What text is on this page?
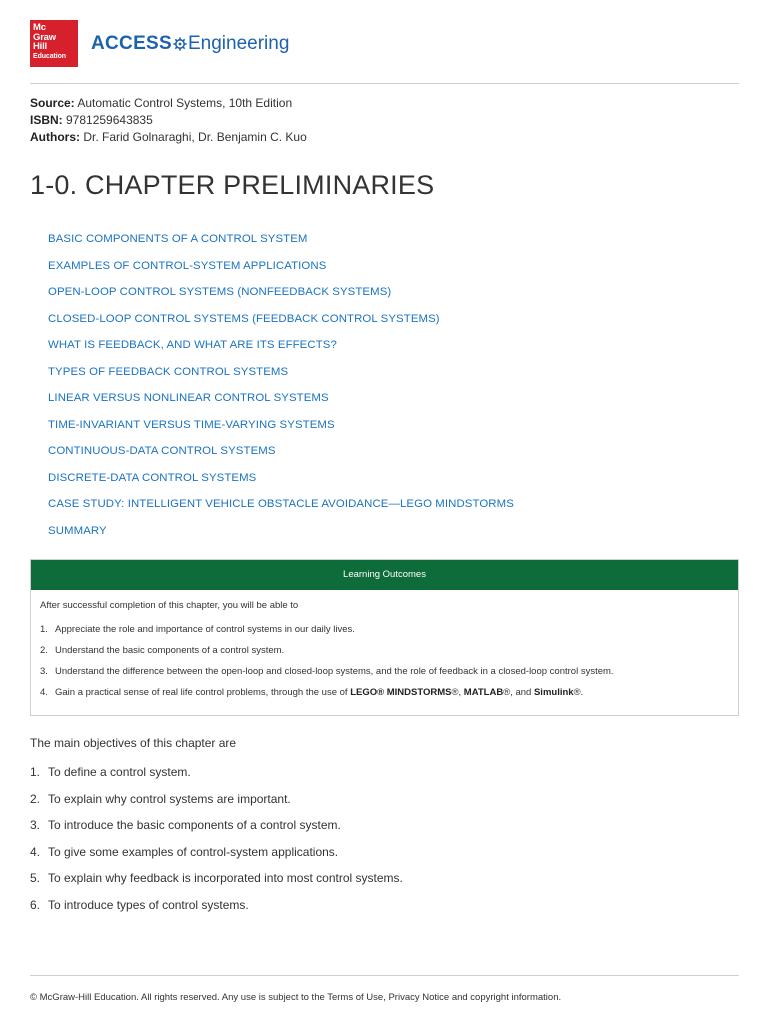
Mc
Graw
Hill
Education
ACCESS Engineering
Source: Automatic Control Systems, 10th Edition
ISBN: 9781259643835
Authors: Dr. Farid Golnaraghi, Dr. Benjamin C. Kuo
1-0. CHAPTER PRELIMINARIES
BASIC COMPONENTS OF A CONTROL SYSTEM
EXAMPLES OF CONTROL-SYSTEM APPLICATIONS
OPEN-LOOP CONTROL SYSTEMS (NONFEEDBACK SYSTEMS)
CLOSED-LOOP CONTROL SYSTEMS (FEEDBACK CONTROL SYSTEMS)
WHAT IS FEEDBACK, AND WHAT ARE ITS EFFECTS?
TYPES OF FEEDBACK CONTROL SYSTEMS
LINEAR VERSUS NONLINEAR CONTROL SYSTEMS
TIME-INVARIANT VERSUS TIME-VARYING SYSTEMS
CONTINUOUS-DATA CONTROL SYSTEMS
DISCRETE-DATA CONTROL SYSTEMS
CASE STUDY: INTELLIGENT VEHICLE OBSTACLE AVOIDANCE—LEGO MINDSTORMS
SUMMARY
Learning Outcomes
After successful completion of this chapter, you will be able to
1. Appreciate the role and importance of control systems in our daily lives.
2. Understand the basic components of a control system.
3. Understand the difference between the open-loop and closed-loop systems, and the role of feedback in a closed-loop control system.
4. Gain a practical sense of real life control problems, through the use of LEGO® MINDSTORMS®, MATLAB®, and Simulink®.
The main objectives of this chapter are
1. To define a control system.
2. To explain why control systems are important.
3. To introduce the basic components of a control system.
4. To give some examples of control-system applications.
5. To explain why feedback is incorporated into most control systems.
6. To introduce types of control systems.
© McGraw-Hill Education. All rights reserved. Any use is subject to the Terms of Use, Privacy Notice and copyright information.
